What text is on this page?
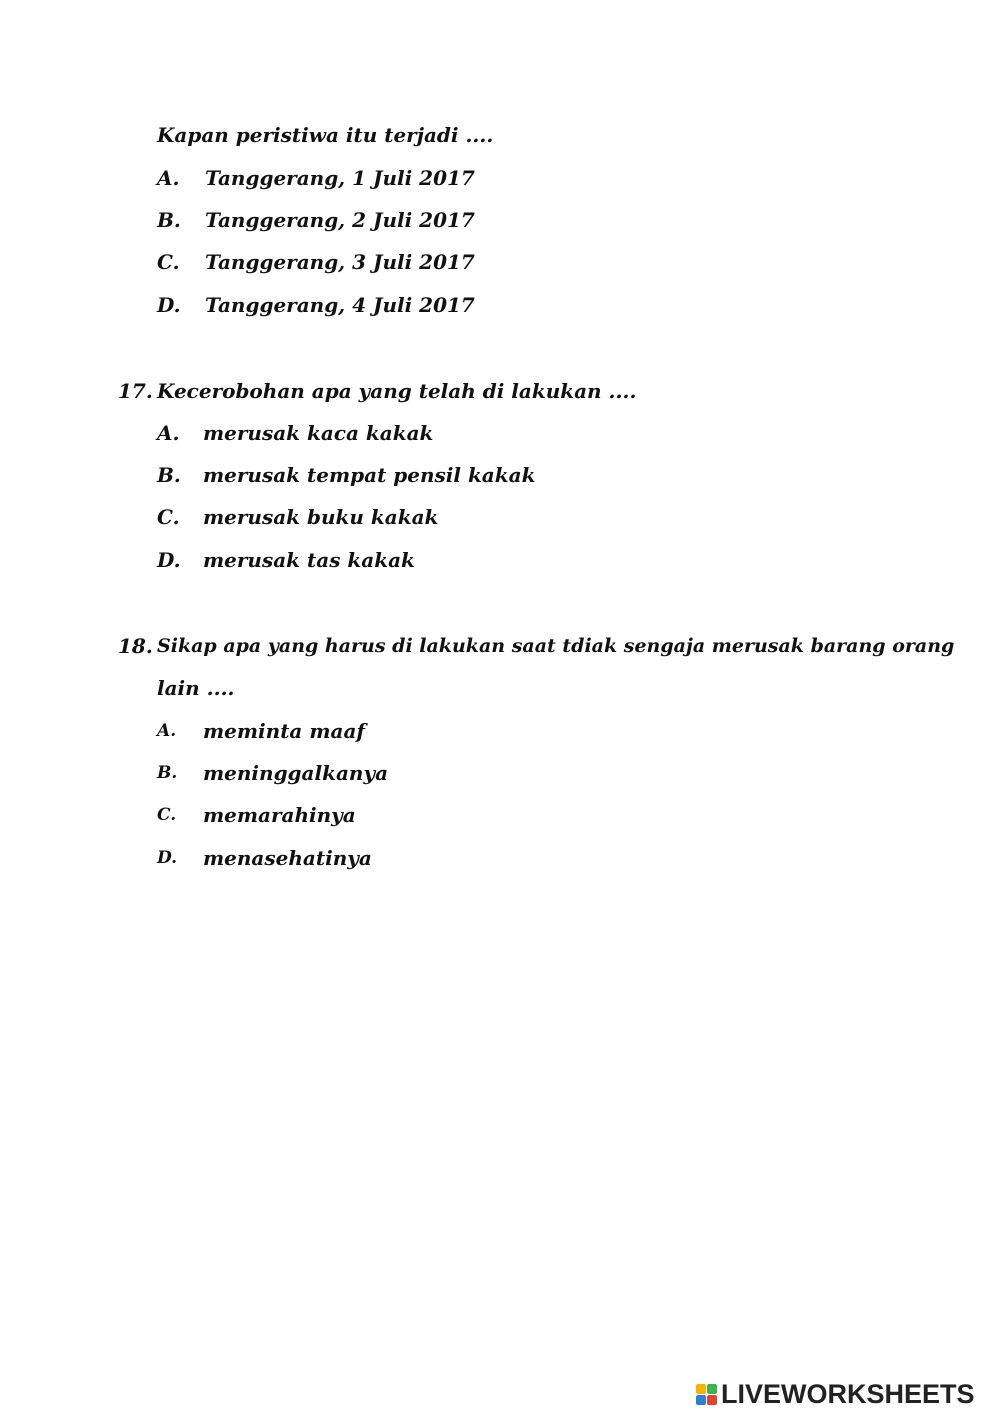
Kapan peristiwa itu terjadi ....
A.	Tanggerang, 1 Juli 2017
B.	Tanggerang, 2 Juli 2017
C.	Tanggerang, 3 Juli 2017
D.	Tanggerang, 4 Juli 2017
17. Kecerobohan apa yang telah di lakukan ....
A.	merusak kaca kakak
B.	merusak tempat pensil kakak
C.	merusak buku kakak
D.	merusak tas kakak
18. Sikap apa yang harus di lakukan saat tdiak sengaja merusak barang orang
lain ....
A.	meminta maaf
B.	meninggalkanya
C.	memarahinya
D.	menasehatinya
LIVEWORKSHEETS
